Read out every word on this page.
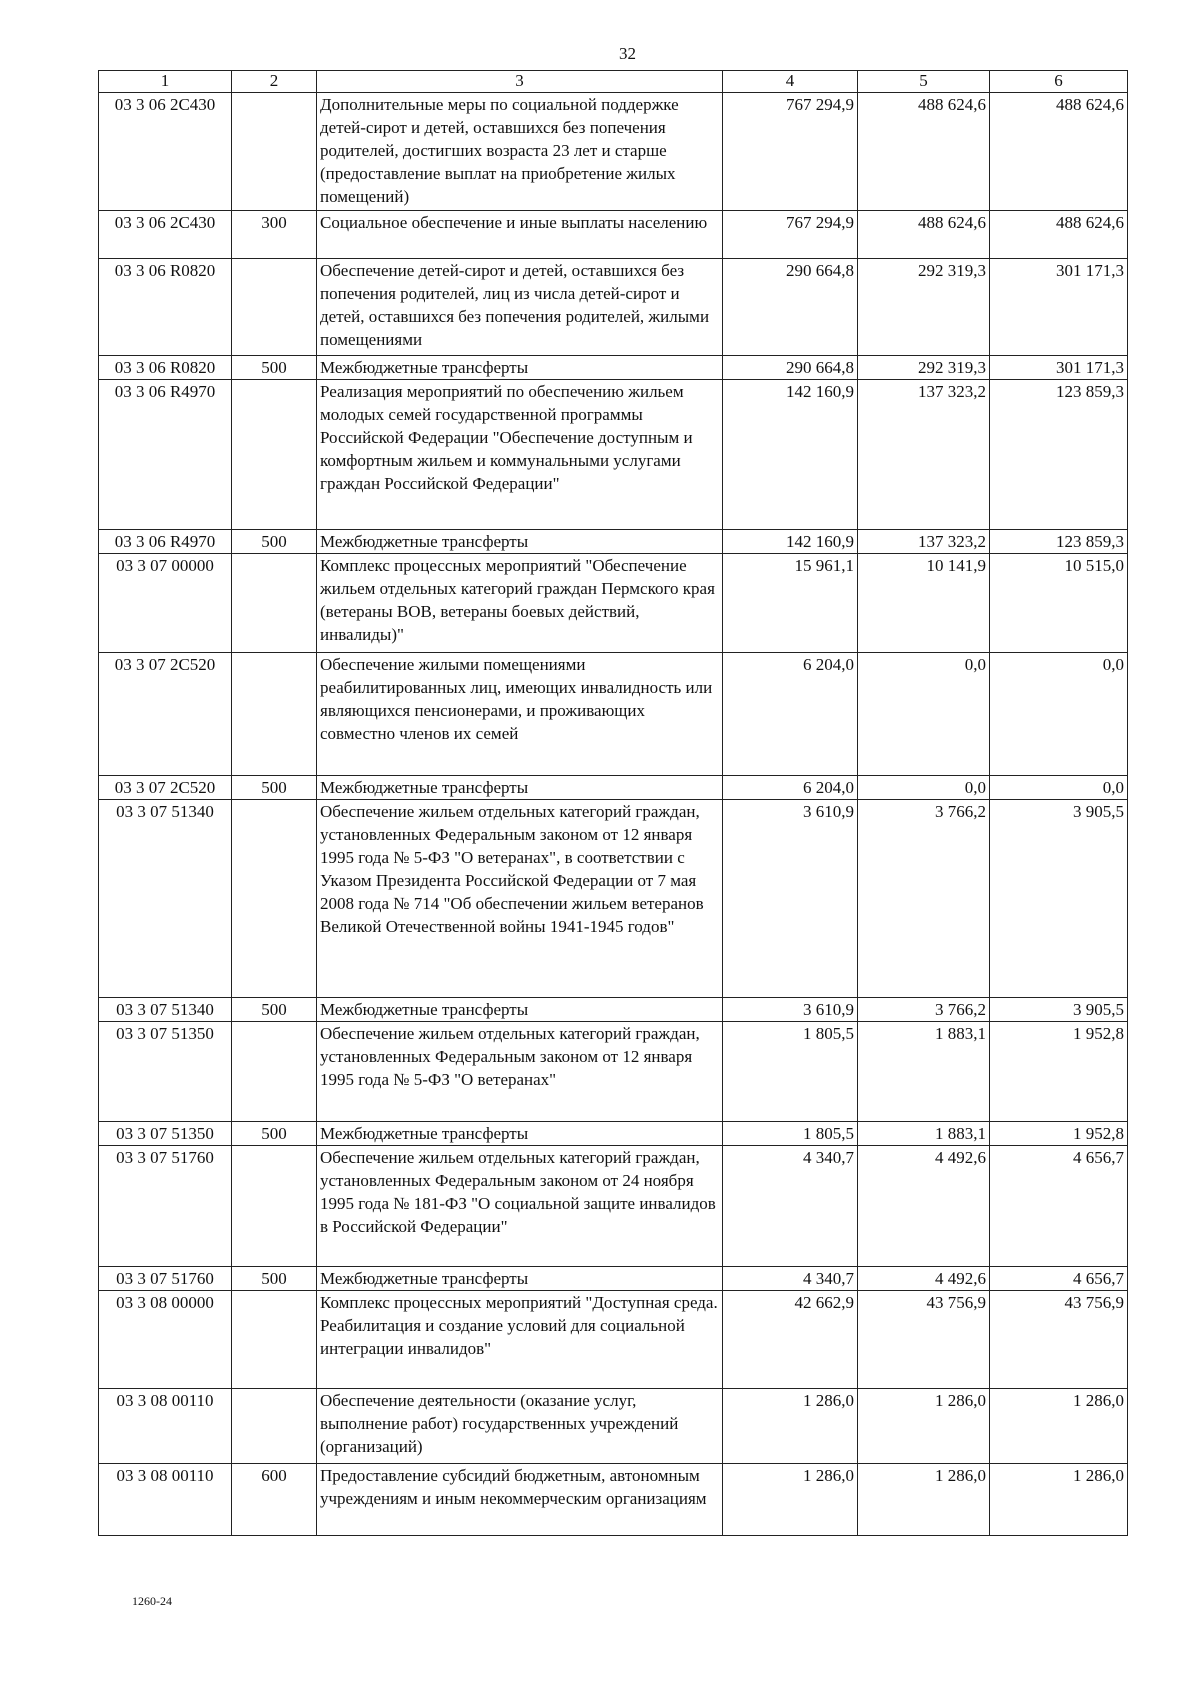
32
1	2	3	4	5	6
03 3 06 2C430		Дополнительные меры по социальной поддержке детей-сирот и детей, оставшихся без попечения родителей, достигших возраста 23 лет и старше (предоставление выплат на приобретение жилых помещений)	767 294,9	488 624,6	488 624,6
03 3 06 2C430	300	Социальное обеспечение и иные выплаты населению	767 294,9	488 624,6	488 624,6
03 3 06 R0820		Обеспечение детей-сирот и детей, оставшихся без попечения родителей, лиц из числа детей-сирот и детей, оставшихся без попечения родителей, жилыми помещениями	290 664,8	292 319,3	301 171,3
03 3 06 R0820	500	Межбюджетные трансферты	290 664,8	292 319,3	301 171,3
03 3 06 R4970		Реализация мероприятий по обеспечению жильем молодых семей государственной программы Российской Федерации "Обеспечение доступным и комфортным жильем и коммунальными услугами граждан Российской Федерации"	142 160,9	137 323,2	123 859,3
03 3 06 R4970	500	Межбюджетные трансферты	142 160,9	137 323,2	123 859,3
03 3 07 00000		Комплекс процессных мероприятий "Обеспечение жильем отдельных категорий граждан Пермского края (ветераны ВОВ, ветераны боевых действий, инвалиды)"	15 961,1	10 141,9	10 515,0
03 3 07 2C520		Обеспечение жилыми помещениями реабилитированных лиц, имеющих инвалидность или являющихся пенсионерами, и проживающих совместно членов их семей	6 204,0	0,0	0,0
03 3 07 2C520	500	Межбюджетные трансферты	6 204,0	0,0	0,0
03 3 07 51340		Обеспечение жильем отдельных категорий граждан, установленных Федеральным законом от 12 января 1995 года № 5-ФЗ "О ветеранах", в соответствии с Указом Президента Российской Федерации от 7 мая 2008 года № 714 "Об обеспечении жильем ветеранов Великой Отечественной войны 1941-1945 годов"	3 610,9	3 766,2	3 905,5
03 3 07 51340	500	Межбюджетные трансферты	3 610,9	3 766,2	3 905,5
03 3 07 51350		Обеспечение жильем отдельных категорий граждан, установленных Федеральным законом от 12 января 1995 года № 5-ФЗ "О ветеранах"	1 805,5	1 883,1	1 952,8
03 3 07 51350	500	Межбюджетные трансферты	1 805,5	1 883,1	1 952,8
03 3 07 51760		Обеспечение жильем отдельных категорий граждан, установленных Федеральным законом от 24 ноября 1995 года № 181-ФЗ "О социальной защите инвалидов в Российской Федерации"	4 340,7	4 492,6	4 656,7
03 3 07 51760	500	Межбюджетные трансферты	4 340,7	4 492,6	4 656,7
03 3 08 00000		Комплекс процессных мероприятий "Доступная среда. Реабилитация и создание условий для социальной интеграции инвалидов"	42 662,9	43 756,9	43 756,9
03 3 08 00110		Обеспечение деятельности (оказание услуг, выполнение работ) государственных учреждений (организаций)	1 286,0	1 286,0	1 286,0
03 3 08 00110	600	Предоставление субсидий бюджетным, автономным учреждениям и иным некоммерческим организациям	1 286,0	1 286,0	1 286,0
1260-24
